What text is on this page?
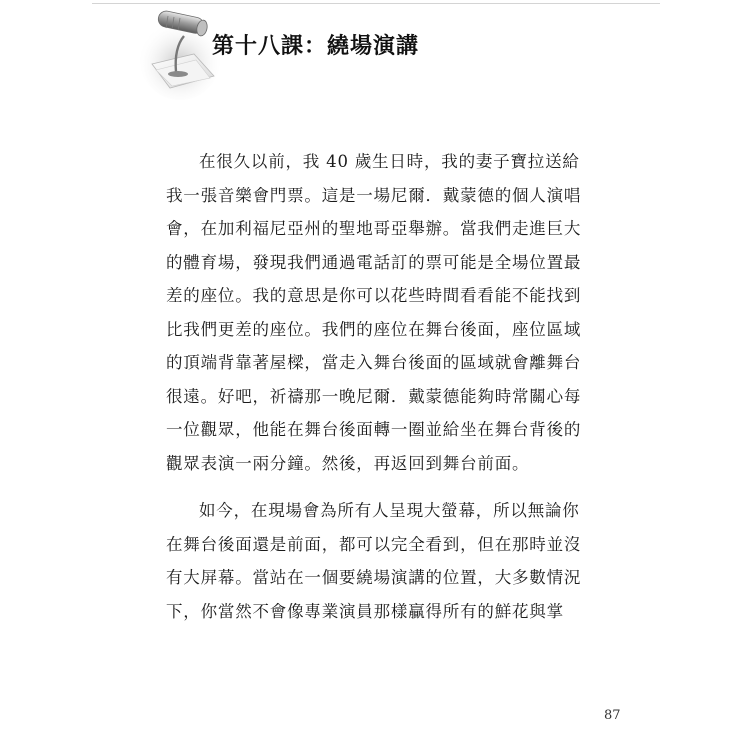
第十八課：繞場演講

在很久以前，我 40 歲生日時，我的妻子寶拉送給我一張音樂會門票。這是一場尼爾．戴蒙德的個人演唱會，在加利福尼亞州的聖地哥亞舉辦。當我們走進巨大的體育場，發現我們通過電話訂的票可能是全場位置最差的座位。我的意思是你可以花些時間看看能不能找到比我們更差的座位。我們的座位在舞台後面，座位區域的頂端背靠著屋樑，當走入舞台後面的區域就會離舞台很遠。好吧，祈禱那一晚尼爾．戴蒙德能夠時常關心每一位觀眾，他能在舞台後面轉一圈並給坐在舞台背後的觀眾表演一兩分鐘。然後，再返回到舞台前面。

如今，在現場會為所有人呈現大螢幕，所以無論你在舞台後面還是前面，都可以完全看到，但在那時並沒有大屏幕。當站在一個要繞場演講的位置，大多數情況下，你當然不會像專業演員那樣贏得所有的鮮花與掌

87
